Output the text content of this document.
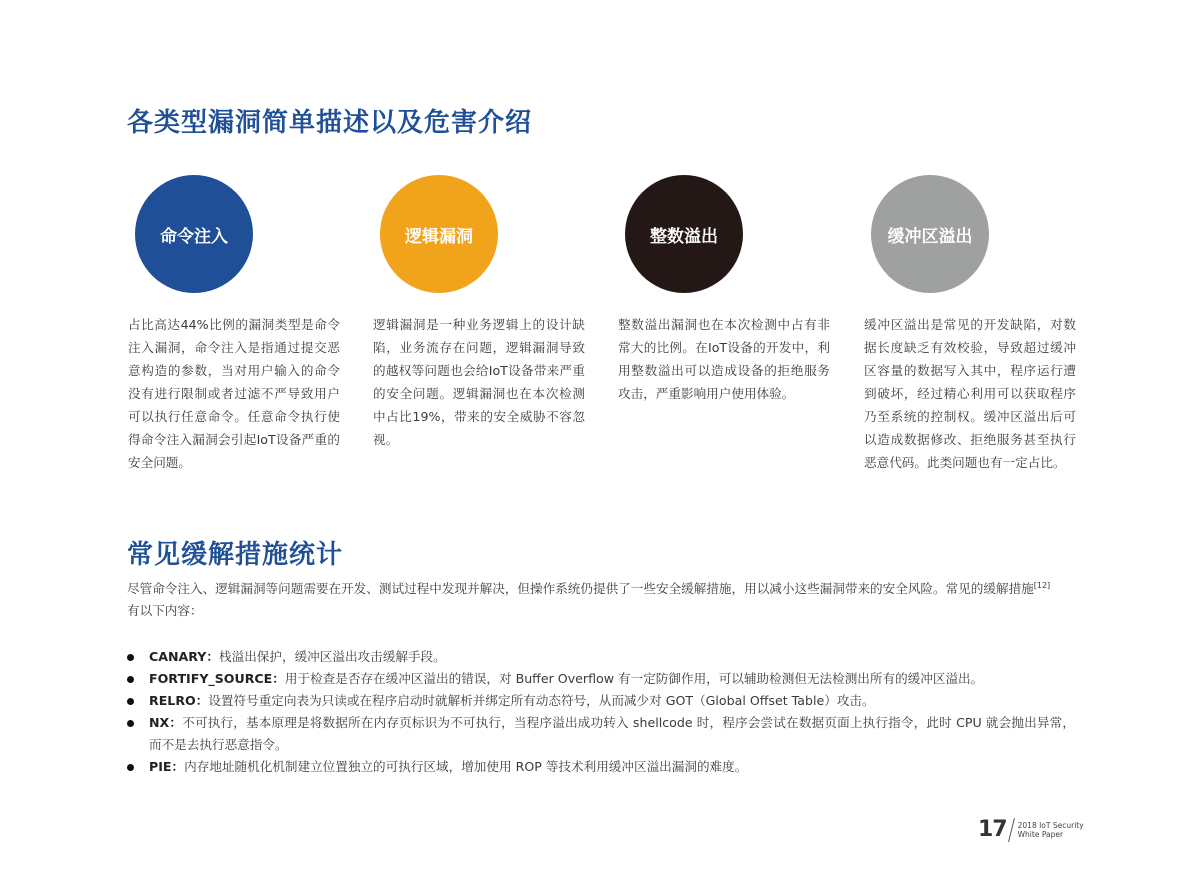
各类型漏洞简单描述以及危害介绍
命令注入
占比高达44%比例的漏洞类型是命令注入漏洞，命令注入是指通过提交恶意构造的参数，当对用户输入的命令没有进行限制或者过滤不严导致用户可以执行任意命令。任意命令执行使得命令注入漏洞会引起IoT设备严重的安全问题。
逻辑漏洞
逻辑漏洞是一种业务逻辑上的设计缺陷，业务流存在问题，逻辑漏洞导致的越权等问题也会给IoT设备带来严重的安全问题。逻辑漏洞也在本次检测中占比19%，带来的安全威胁不容忽视。
整数溢出
整数溢出漏洞也在本次检测中占有非常大的比例。在IoT设备的开发中，利用整数溢出可以造成设备的拒绝服务攻击，严重影响用户使用体验。
缓冲区溢出
缓冲区溢出是常见的开发缺陷，对数据长度缺乏有效校验，导致超过缓冲区容量的数据写入其中，程序运行遭到破坏，经过精心利用可以获取程序乃至系统的控制权。缓冲区溢出后可以造成数据修改、拒绝服务甚至执行恶意代码。此类问题也有一定占比。
常见缓解措施统计
尽管命令注入、逻辑漏洞等问题需要在开发、测试过程中发现并解决，但操作系统仍提供了一些安全缓解措施，用以减小这些漏洞带来的安全风险。常见的缓解措施[12]
有以下内容：
CANARY：栈溢出保护，缓冲区溢出攻击缓解手段。
FORTIFY_SOURCE：用于检查是否存在缓冲区溢出的错误，对 Buffer Overflow 有一定防御作用，可以辅助检测但无法检测出所有的缓冲区溢出。
RELRO：设置符号重定向表为只读或在程序启动时就解析并绑定所有动态符号，从而减少对 GOT（Global Offset Table）攻击。
NX：不可执行，基本原理是将数据所在内存页标识为不可执行，当程序溢出成功转入 shellcode 时，程序会尝试在数据页面上执行指令，此时 CPU 就会抛出异常，而不是去执行恶意指令。
PIE：内存地址随机化机制建立位置独立的可执行区域，增加使用 ROP 等技术利用缓冲区溢出漏洞的难度。
17 2018 IoT Security
White Paper
